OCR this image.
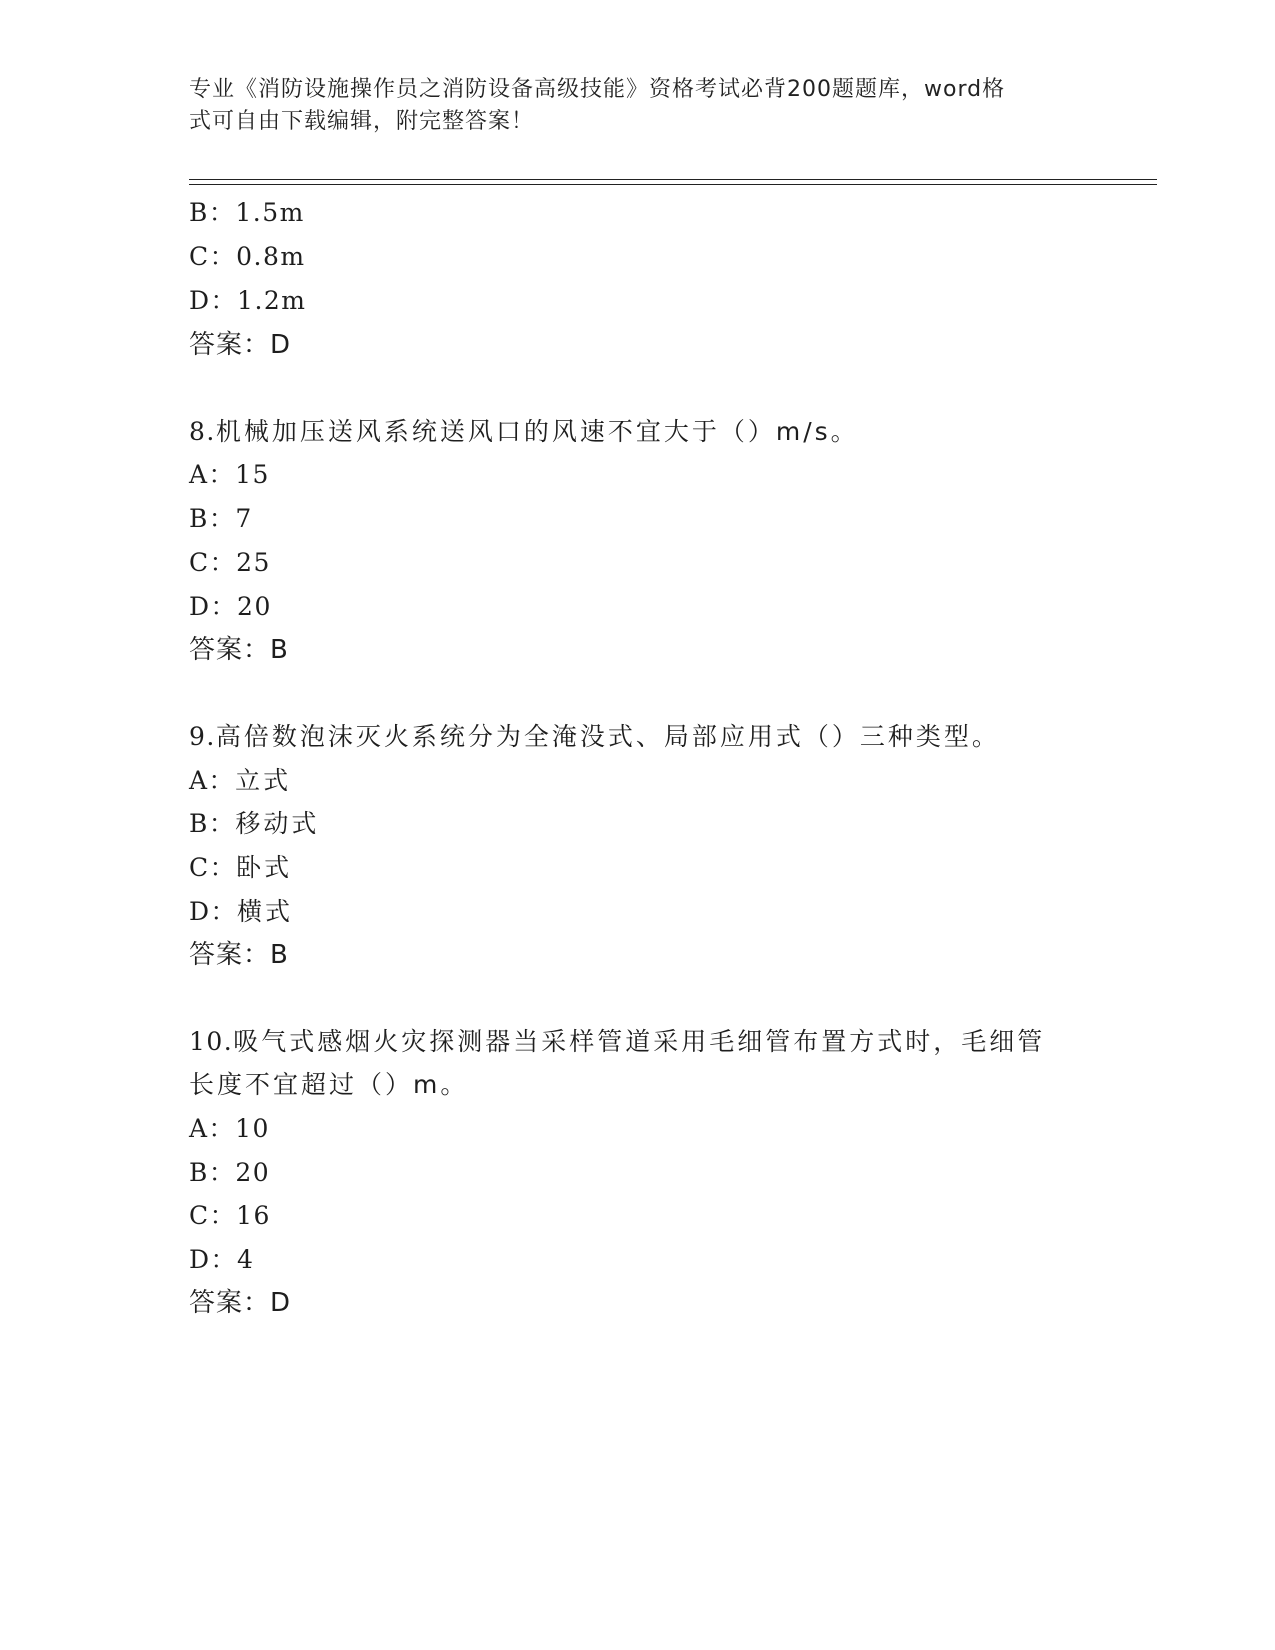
专业《消防设施操作员之消防设备高级技能》资格考试必背200题题库，word格
式可自由下载编辑，附完整答案！
B：1.5m
C：0.8m
D：1.2m
答案：D
8.机械加压送风系统送风口的风速不宜大于（）m/s。
A：15
B：7
C：25
D：20
答案：B
9.高倍数泡沫灭火系统分为全淹没式、局部应用式（）三种类型。
A：立式
B：移动式
C：卧式
D：横式
答案：B
10.吸气式感烟火灾探测器当采样管道采用毛细管布置方式时，毛细管
长度不宜超过（）m。
A：10
B：20
C：16
D：4
答案：D
